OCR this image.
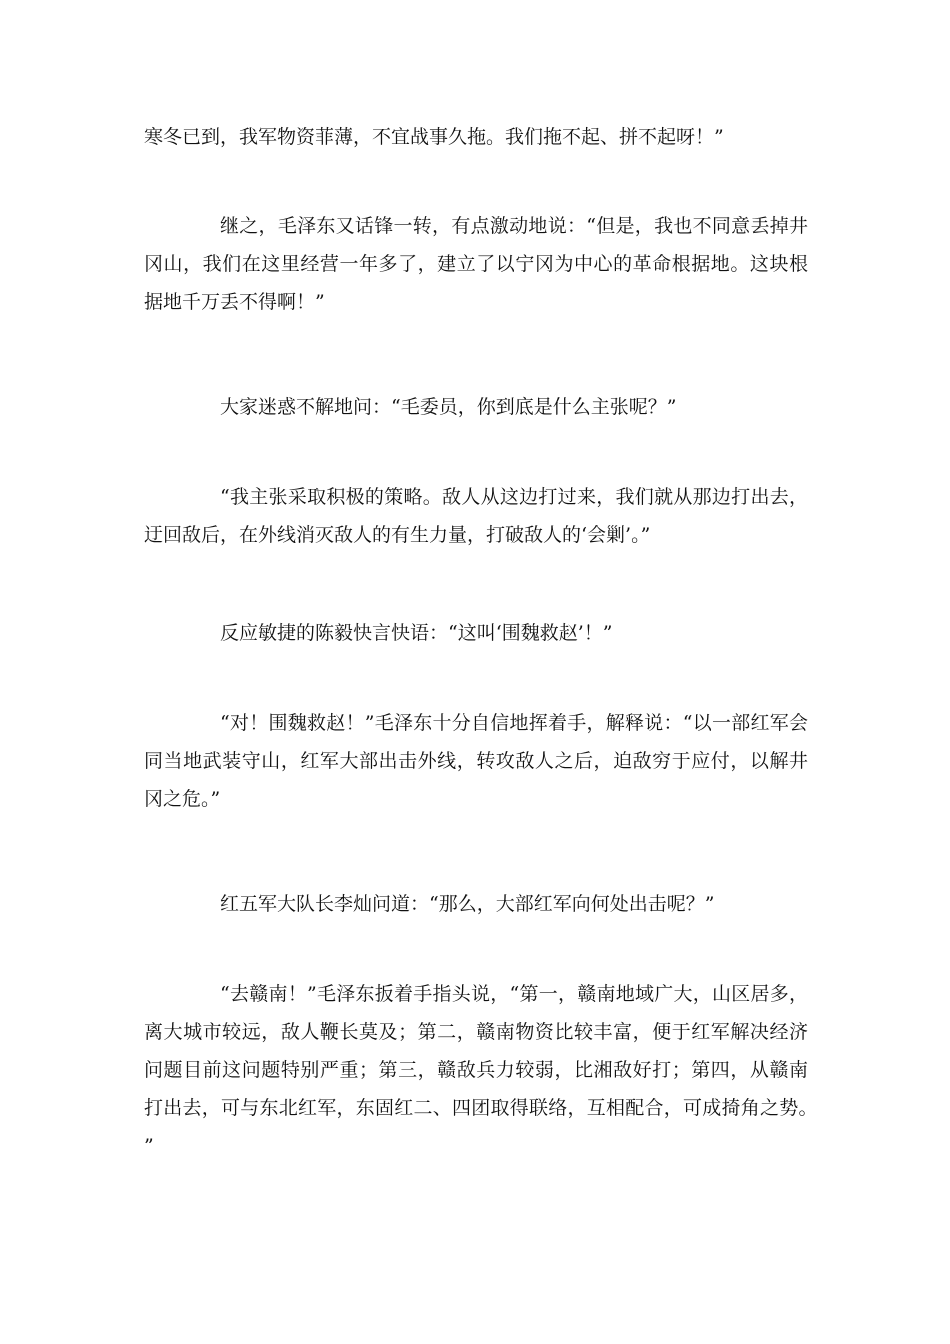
寒冬已到，我军物资菲薄，不宜战事久拖。我们拖不起、拼不起呀！”

继之，毛泽东又话锋一转，有点激动地说：“但是，我也不同意丢掉井冈山，我们在这里经营一年多了，建立了以宁冈为中心的革命根据地。这块根据地千万丢不得啊！”

大家迷惑不解地问：“毛委员，你到底是什么主张呢？”

“我主张采取积极的策略。敌人从这边打过来，我们就从那边打出去，迂回敌后，在外线消灭敌人的有生力量，打破敌人的‘会剿’。”

反应敏捷的陈毅快言快语：“这叫‘围魏救赵’！”

“对！围魏救赵！”毛泽东十分自信地挥着手，解释说：“以一部红军会同当地武装守山，红军大部出击外线，转攻敌人之后，迫敌穷于应付，以解井冈之危。”

红五军大队长李灿问道：“那么，大部红军向何处出击呢？”

“去赣南！”毛泽东扳着手指头说，“第一，赣南地域广大，山区居多，离大城市较远，敌人鞭长莫及；第二，赣南物资比较丰富，便于红军解决经济问题目前这问题特别严重；第三，赣敌兵力较弱，比湘敌好打；第四，从赣南打出去，可与东北红军，东固红二、四团取得联络，互相配合，可成掎角之势。”
